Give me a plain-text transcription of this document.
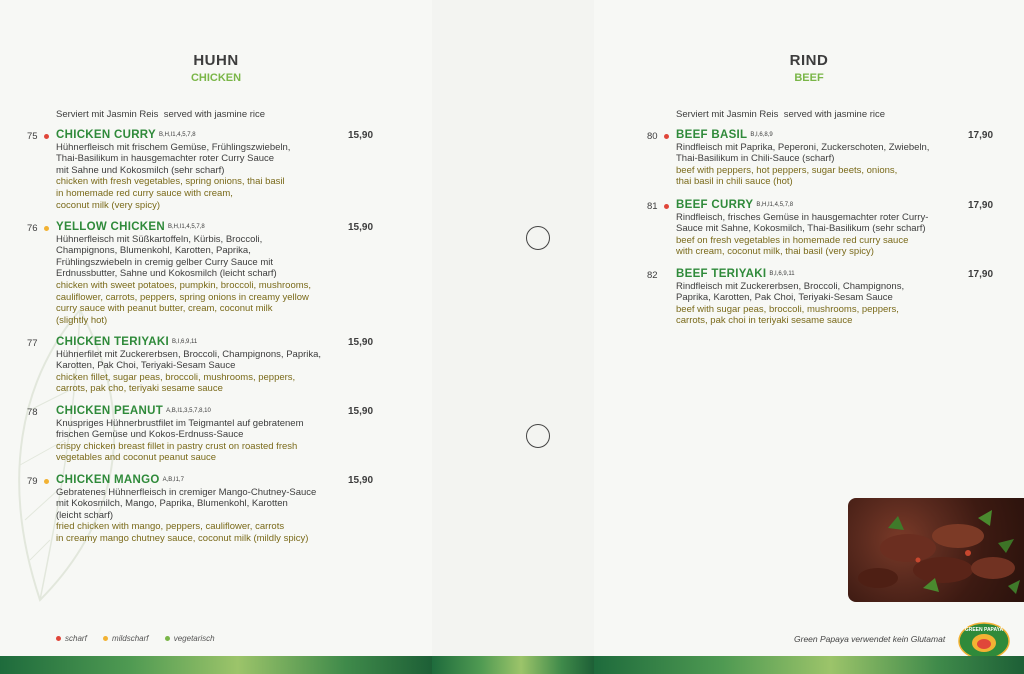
HUHN
CHICKEN
Serviert mit Jasmin Reis served with jasmine rice
75 CHICKEN CURRY $^{B,H,I1,4,5,7,8}$
Hühnerfleisch mit frischem Gemüse, Frühlingszwiebeln,
Thai-Basilikum in hausgemachter roter Curry Sauce
mit Sahne und Kokosmilch (sehr scharf)
chicken with fresh vegetables, spring onions, thai basil
in homemade red curry sauce with cream,
coconut milk (very spicy)
15,90
76 YELLOW CHICKEN $^{B,H,I1,4,5,7,8}$
Hühnerfleisch mit Süßkartoffeln, Kürbis, Broccoli,
Champignons, Blumenkohl, Karotten, Paprika,
Frühlingszwiebeln in cremig gelber Curry Sauce mit
Erdnussbutter, Sahne und Kokosmilch (leicht scharf)
chicken with sweet potatoes, pumpkin, broccoli, mushrooms,
cauliflower, carrots, peppers, spring onions in creamy yellow
curry sauce with peanut butter, cream, coconut milk
(slightly hot)
15,90
77 CHICKEN TERIYAKI $^{B,I,6,9,11}$
Hühnerfilet mit Zuckererbsen, Broccoli, Champignons, Paprika,
Karotten, Pak Choi, Teriyaki-Sesam Sauce
chicken fillet, sugar peas, broccoli, mushrooms, peppers,
carrots, pak cho, teriyaki sesame sauce
15,90
78 CHICKEN PEANUT $^{A,B,I1,3,5,7,8,10}$
Knuspriges Hühnerbrustfilet im Teigmantel auf gebratenem
frischen Gemüse und Kokos-Erdnuss-Sauce
crispy chicken breast fillet in pastry crust on roasted fresh
vegetables and coconut peanut sauce
15,90
79 CHICKEN MANGO $^{A,B,I1,7}$
Gebratenes Hühnerfleisch in cremiger Mango-Chutney-Sauce
mit Kokosmilch, Mango, Paprika, Blumenkohl, Karotten
(leicht scharf)
fried chicken with mango, peppers, cauliflower, carrots
in creamy mango chutney sauce, coconut milk (mildly spicy)
15,90
scharf	mildscharf	vegetarisch
RIND
BEEF
Serviert mit Jasmin Reis served with jasmine rice
80 BEEF BASIL $^{B,I,6,8,9}$
Rindfleisch mit Paprika, Peperoni, Zuckerschoten, Zwiebeln,
Thai-Basilikum in Chili-Sauce (scharf)
beef with peppers, hot peppers, sugar beets, onions,
thai basil in chili sauce (hot)
17,90
81 BEEF CURRY $^{B,H,I1,4,5,7,8}$
Rindfleisch, frisches Gemüse in hausgemachter roter Curry-
Sauce mit Sahne, Kokosmilch, Thai-Basilikum (sehr scharf)
beef on fresh vegetables in homemade red curry sauce
with cream, coconut milk, thai basil (very spicy)
17,90
82 BEEF TERIYAKI $^{B,I,6,9,11}$
Rindfleisch mit Zuckererbsen, Broccoli, Champignons,
Paprika, Karotten, Pak Choi, Teriyaki-Sesam Sauce
beef with sugar peas, broccoli, mushrooms, peppers,
carrots, pak choi in teriyaki sesame sauce
17,90
Green Papaya verwendet kein Glutamat
GREEN PAPAYA
